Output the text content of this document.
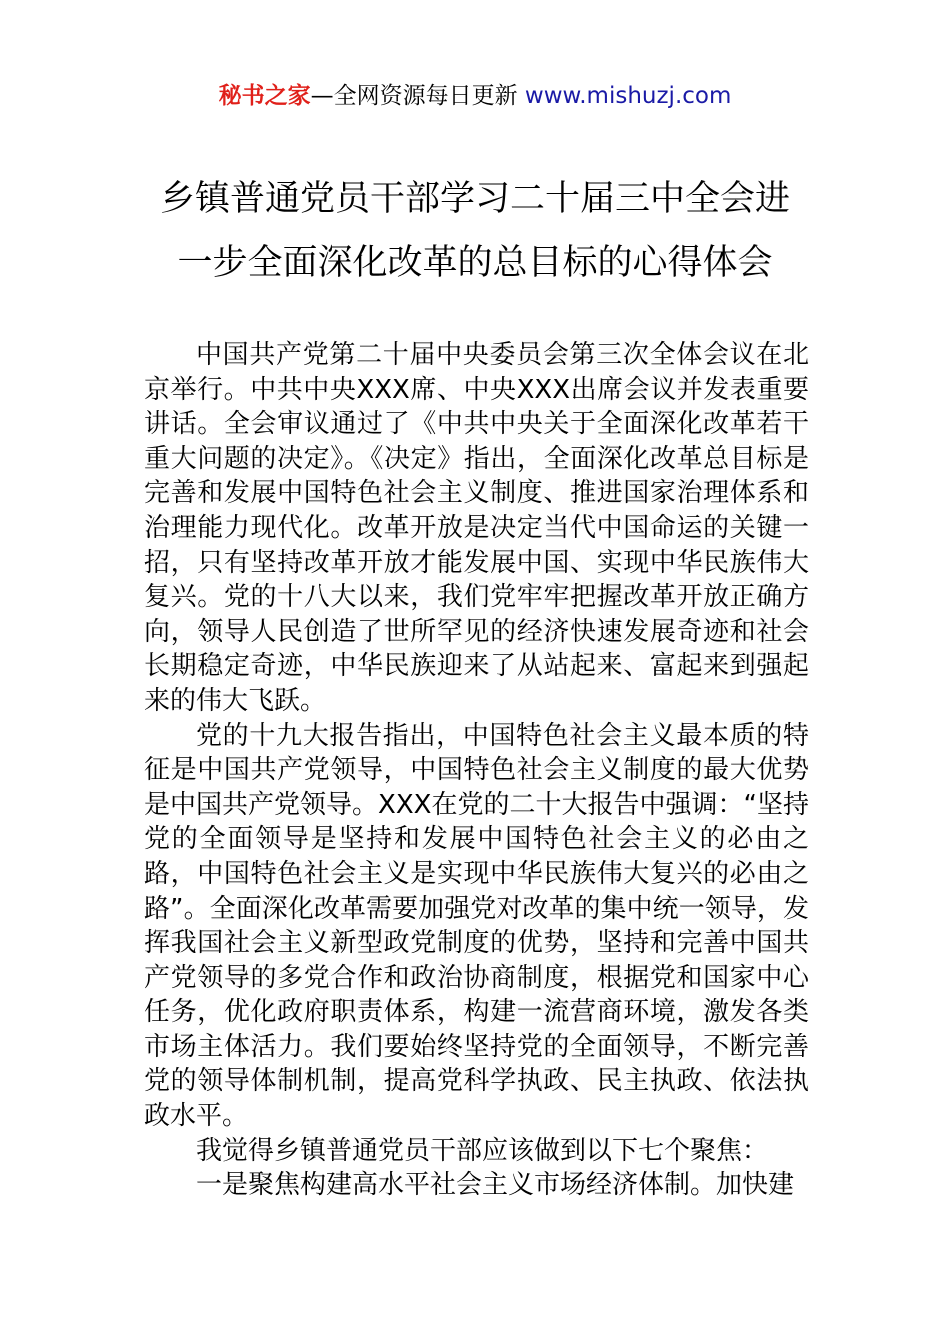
秘书之家—全网资源每日更新 www.mishuzj.com
乡镇普通党员干部学习二十届三中全会进
一步全面深化改革的总目标的心得体会

中国共产党第二十届中央委员会第三次全体会议在北京举行。中共中央XXX席、中央XXX出席会议并发表重要讲话。全会审议通过了《中共中央关于全面深化改革若干重大问题的决定》。《决定》指出，全面深化改革总目标是完善和发展中国特色社会主义制度、推进国家治理体系和治理能力现代化。改革开放是决定当代中国命运的关键一招，只有坚持改革开放才能发展中国、实现中华民族伟大复兴。党的十八大以来，我们党牢牢把握改革开放正确方向，领导人民创造了世所罕见的经济快速发展奇迹和社会长期稳定奇迹，中华民族迎来了从站起来、富起来到强起来的伟大飞跃。

党的十九大报告指出，中国特色社会主义最本质的特征是中国共产党领导，中国特色社会主义制度的最大优势是中国共产党领导。XXX在党的二十大报告中强调：“坚持党的全面领导是坚持和发展中国特色社会主义的必由之路，中国特色社会主义是实现中华民族伟大复兴的必由之路”。全面深化改革需要加强党对改革的集中统一领导，发挥我国社会主义新型政党制度的优势，坚持和完善中国共产党领导的多党合作和政治协商制度，根据党和国家中心任务，优化政府职责体系，构建一流营商环境，激发各类市场主体活力。我们要始终坚持党的全面领导，不断完善党的领导体制机制，提高党科学执政、民主执政、依法执政水平。

我觉得乡镇普通党员干部应该做到以下七个聚焦：

一是聚焦构建高水平社会主义市场经济体制。加快建
